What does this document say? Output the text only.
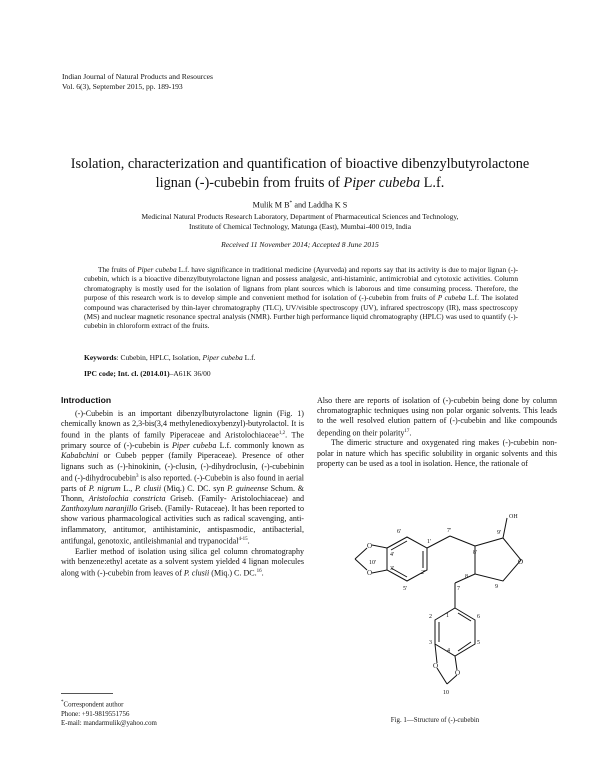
Indian Journal of Natural Products and Resources
Vol. 6(3), September 2015, pp. 189-193
Isolation, characterization and quantification of bioactive dibenzylbutyrolactone
lignan (-)-cubebin from fruits of Piper cubeba L.f.
Mulik M B* and Laddha K S
Medicinal Natural Products Research Laboratory, Department of Pharmaceutical Sciences and Technology,
Institute of Chemical Technology, Matunga (East), Mumbai-400 019, India
Received 11 November 2014; Accepted 8 June 2015
The fruits of Piper cubeba L.f. have significance in traditional medicine (Ayurveda) and reports say that its activity is due to major lignan (-)-cubebin, which is a bioactive dibenzylbutyrolactone lignan and possess analgesic, anti-histaminic, antimicrobial and cytotoxic activities. Column chromatography is mostly used for the isolation of lignans from plant sources which is laborous and time consuming process. Therefore, the purpose of this research work is to develop simple and convenient method for isolation of (-)-cubebin from fruits of P cubeba L.f. The isolated compound was characterised by thin-layer chromatography (TLC), UV/visible spectroscopy (UV), infrared spectroscopy (IR), mass spectroscopy (MS) and nuclear magnetic resonance spectral analysis (NMR). Further high performance liquid chromatography (HPLC) was used to quantify (-)-cubebin in chloroform extract of the fruits.
Keywords: Cubebin, HPLC, Isolation, Piper cubeba L.f.
IPC code; Int. cl. (2014.01)–A61K 36/00
Introduction

(-)-Cubebin is an important dibenzylbutyrolactone lignin (Fig. 1) chemically known as 2,3-bis(3,4 methylenedioxybenzyl)-butyrolactol. It is found in the plants of family Piperaceae and Aristolochiaceae$^{1,2}$. The primary source of (-)-cubebin is Piper cubeba L.f. commonly known as Kababchini or Cubeb pepper (family Piperaceae). Presence of other lignans such as (-)-hinokinin, (-)-clusin, (-)-dihydroclusin, (-)-cubebinin and (-)-dihydrocubebin$^3$ is also reported. (-)-Cubebin is also found in aerial parts of P. nigrum L., P. clusii (Miq.) C. DC. syn P. guineense Schum. & Thonn, Aristolochia constricta Griseb. (Family- Aristolochiaceae) and Zanthoxylum naranjillo Griseb. (Family- Rutaceae). It has been reported to show various pharmacological activities such as radical scavenging, anti-inflammatory, antitumor, antihistaminic, antispasmodic, antibacterial, antifungal, genotoxic, antileishmanial and trypanocidal$^{4-15}$.

Earlier method of isolation using silica gel column chromatography with benzene:ethyl acetate as a solvent system yielded 4 lignan molecules along with (-)-cubebin from leaves of P. clusii (Miq.) C. DC.$^{16}$.

Also there are reports of isolation of (-)-cubebin being done by column chromatographic techniques using non polar organic solvents. This leads to the well resolved elution pattern of (-)-cubebin and like compounds depending on their polarity$^{17}$.

The dimeric structure and oxygenated ring makes (-)-cubebin non-polar in nature which has specific solubility in organic solvents and this property can be used as a tool in isolation. Hence, the rationale of

OH
6'
1'
4'
3'
2'
5'
7'
8'
9'
10'
8
9
7
1
2
3
4
5
6
10
O
O
O
O
O
Fig. 1—Structure of (-)-cubebin
*Correspondent author
Phone: +91-9819551756
E-mail: mandarmulik@yahoo.com
